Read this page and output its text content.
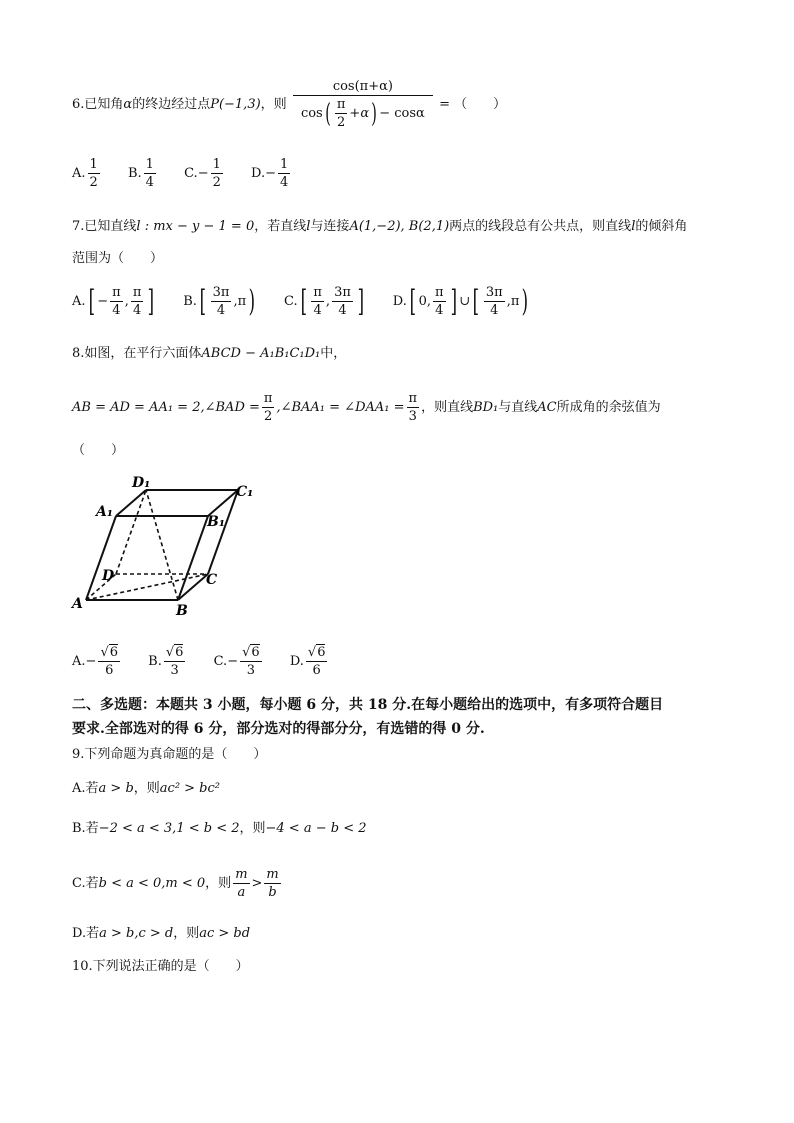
6.已知角α的终边经过点P(−1,3)，则 $\frac{\cos(\pi+\alpha)}{\cos( \frac{\pi}{2} +\alpha) - \cos\alpha}$ = （　　）
A. $\frac{1}{2} B$. $\frac{1}{4} C.- \frac{1}{2} D.- \frac{1}{4}$
7.已知直线l : mx − y − 1 = 0，若直线l与连接A(1,−2), B(2,1)两点的线段总有公共点，则直线l的倾斜角
范围为（　　）
$A.[ - \frac{\pi}{4}$ , $\frac{\pi}{4}$ ] $B.[ \frac{3\pi}{4} ,\pi)$ $C.[ \frac{\pi}{4}$ , $\frac{3\pi}{4}$ ] D.[ 0, $\frac{\pi}{4}$ ] ∪[ $\frac{3\pi}{4} ,\pi$)
8.如图，在平行六面体ABCD − A₁B₁C₁D₁中，
AB = AD = AA₁ = 2,∠BAD = $\frac{\pi}{2}$ ,∠BAA₁ = ∠DAA₁ = $\frac{\pi}{3}$ ，则直线BD₁与直线AC所成角的余弦值为
（　　）
D₁
C₁
A₁
B₁
D	C
A	B
$A.- \frac{√6}{6} B$. $\frac{√6}{3} C.- \frac{√6}{3} D$. $\frac{√6}{6}$
二、多选题：本题共 3 小题，每小题 6 分，共 18 分.在每小题给出的选项中，有多项符合题目
要求.全部选对的得 6 分，部分选对的得部分分，有选错的得 0 分.
9.下列命题为真命题的是（　　）
A.若a > b，则ac² > bc²
B.若−2 < a < 3,1 < b < 2，则−4 < a − b < 2
C.若b < a < 0,m < 0，则 $\frac{m}{a} > \frac{m}{b}$
D.若a > b,c > d，则ac > bd
10.下列说法正确的是（　　）
